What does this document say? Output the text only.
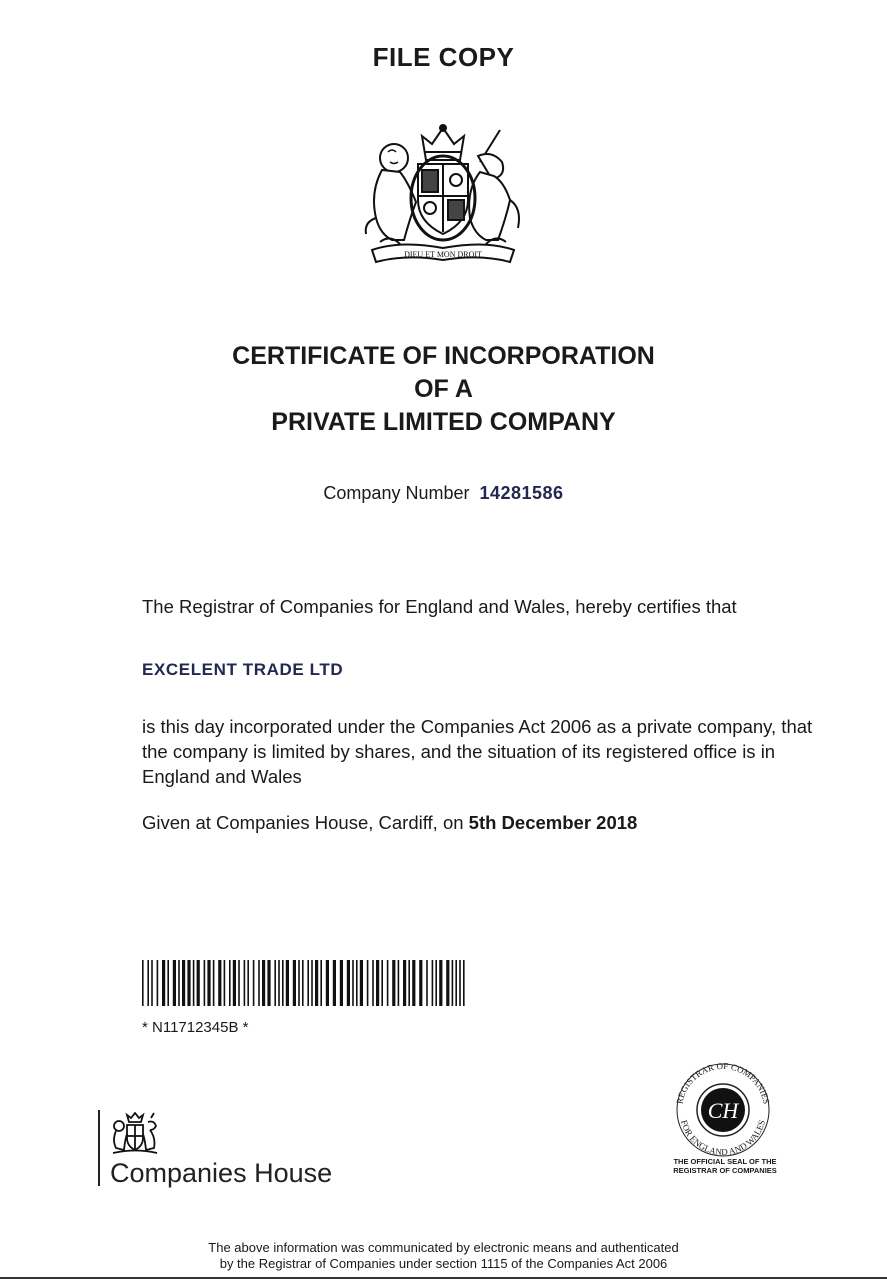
FILE COPY
DIEU ET MON DROIT
CERTIFICATE OF INCORPORATION
OF A
PRIVATE LIMITED COMPANY
Company Number 14281586
The Registrar of Companies for England and Wales, hereby certifies that
EXCELENT TRADE LTD
is this day incorporated under the Companies Act 2006 as a private company, that the company is limited by shares, and the situation of its registered office is in England and Wales
Given at Companies House, Cardiff, on 5th December 2018
* N11712345B *
Companies House
CH
REGISTRAR OF COMPANIES
FOR ENGLAND AND WALES
THE OFFICIAL SEAL OF THE
REGISTRAR OF COMPANIES
The above information was communicated by electronic means and authenticated
by the Registrar of Companies under section 1115 of the Companies Act 2006
